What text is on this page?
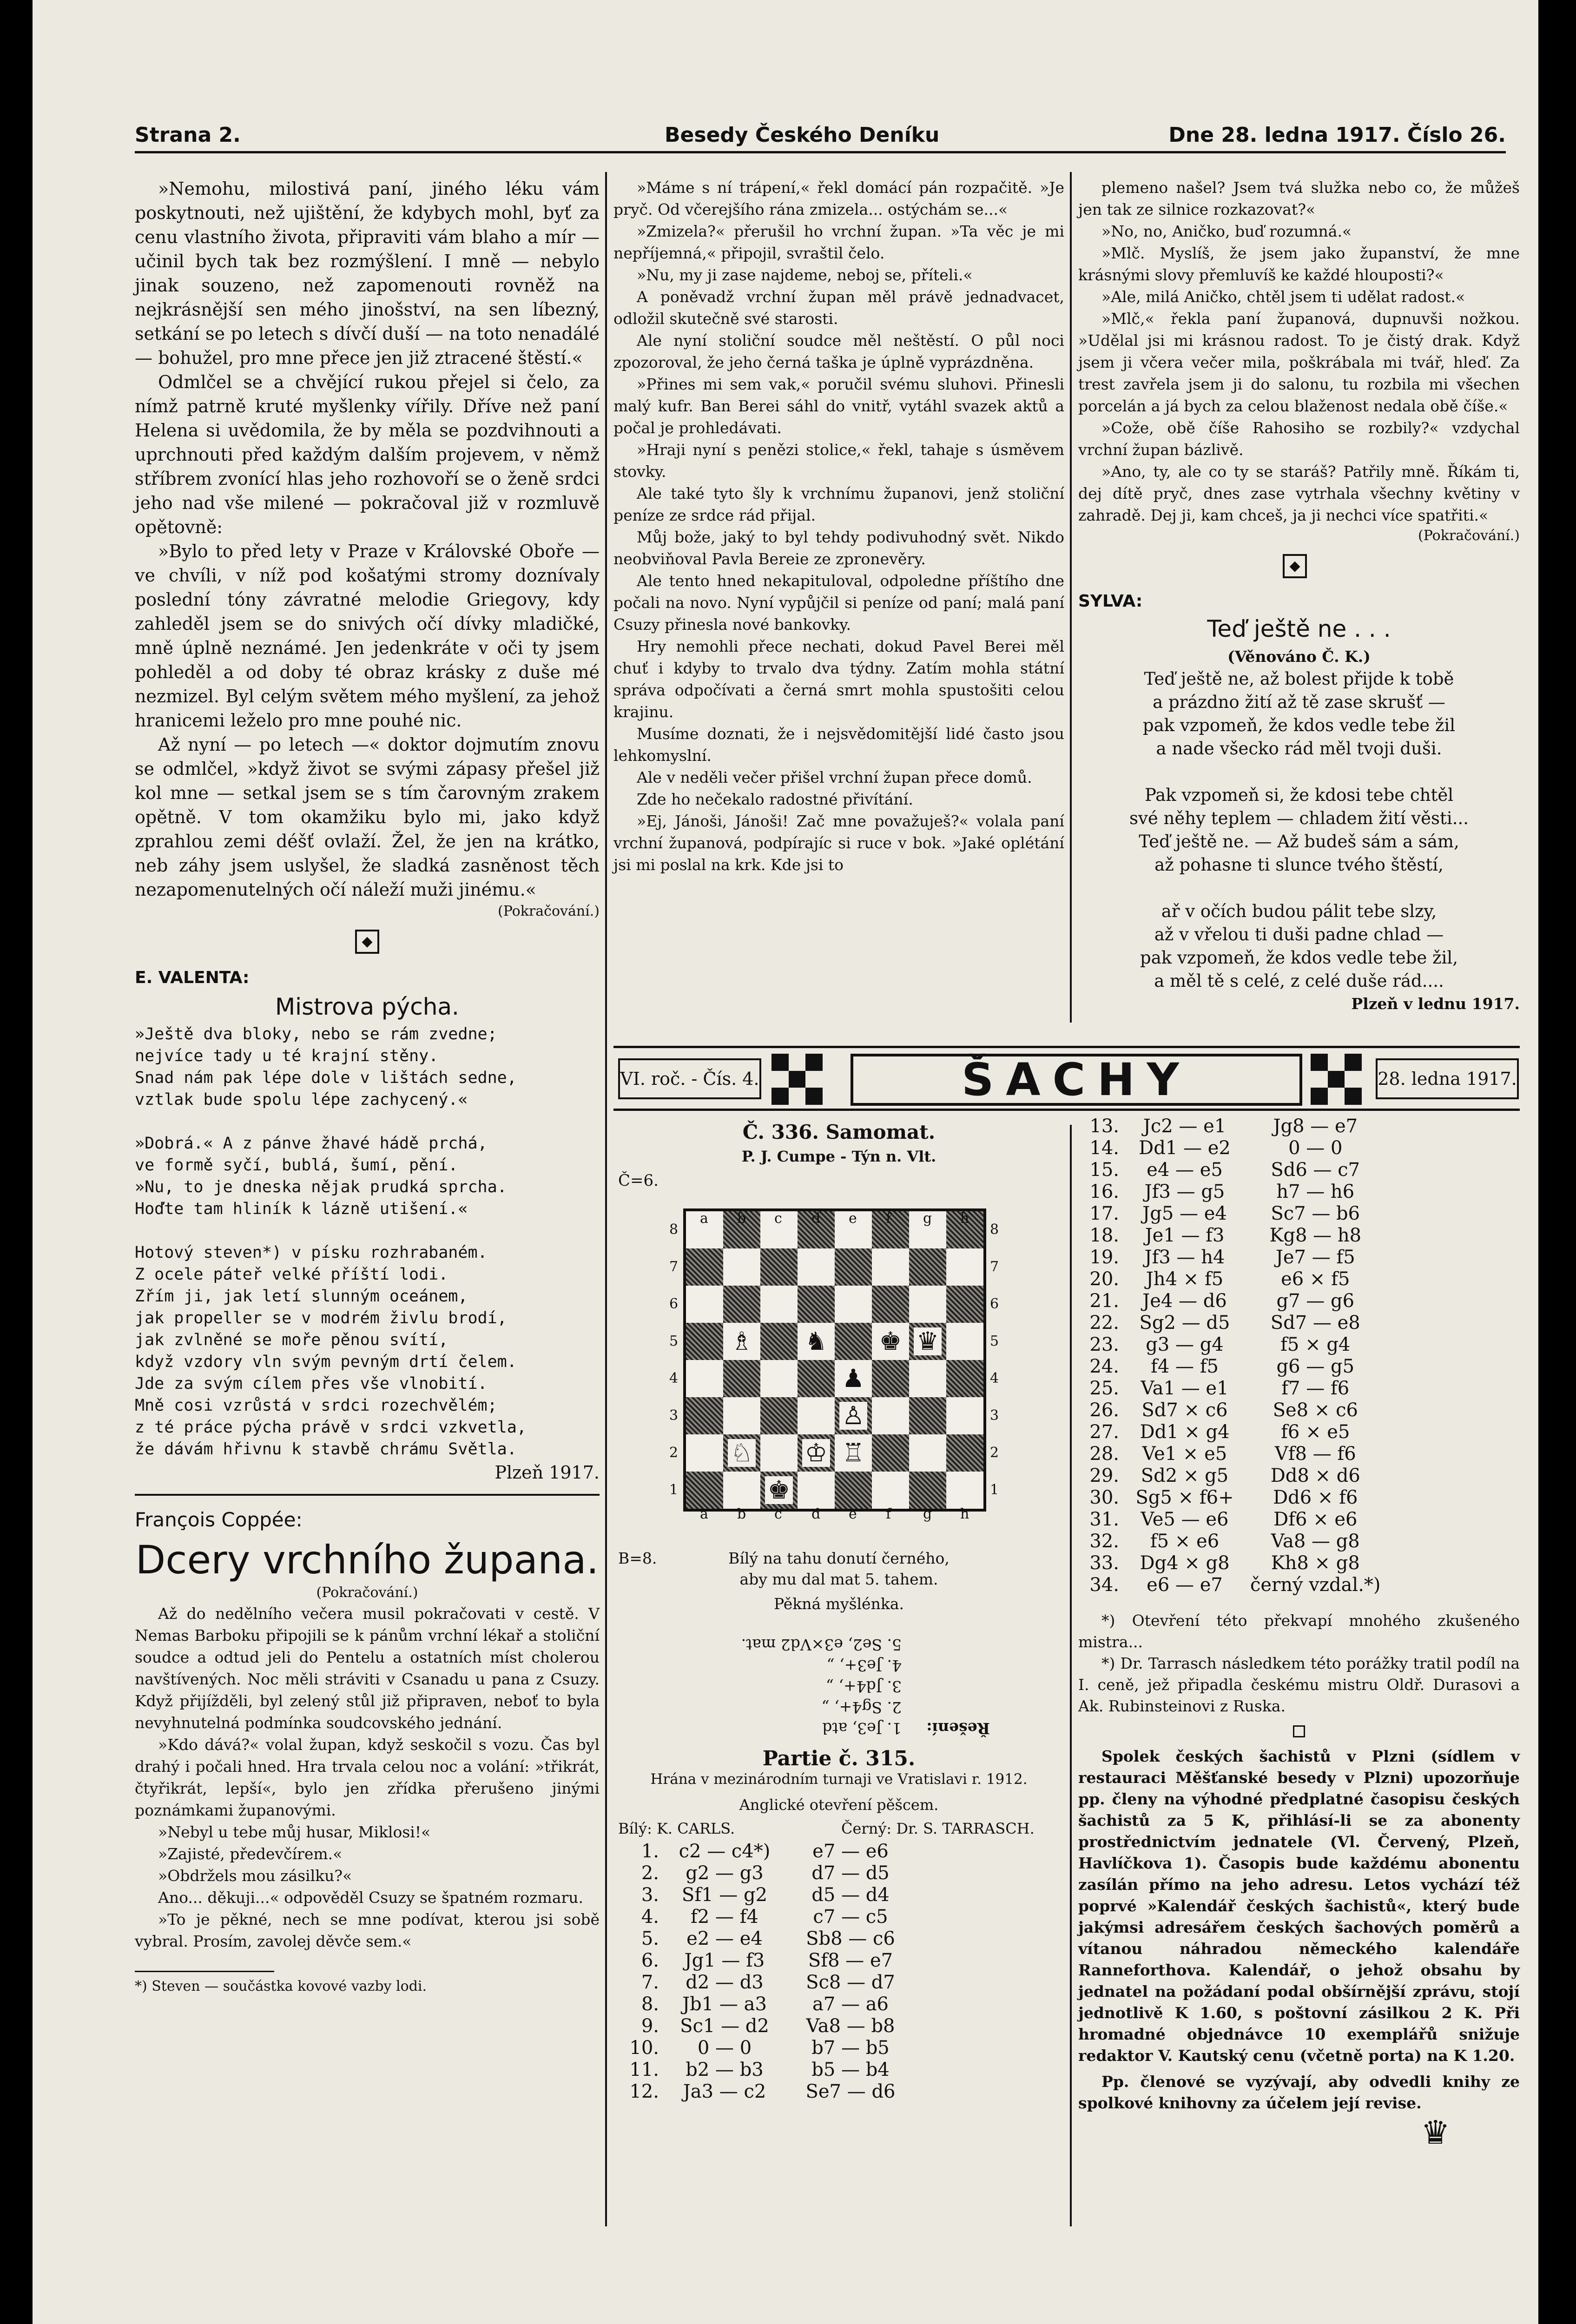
Strana 2.	Besedy Českého Deníku	Dne 28. ledna 1917. Číslo 26.

»Nemohu, milostivá paní, jiného léku vám poskytnouti, než ujištění, že kdybych mohl, byť za cenu vlastního života, připraviti vám blaho a mír — učinil bych tak bez rozmýšlení. I mně — nebylo jinak souzeno, než zapomenouti rovněž na nejkrásnější sen mého jinošství, na sen líbezný, setkání se po letech s dívčí duší — na toto nenadálé — bohužel, pro mne přece jen již ztracené štěstí.«

Odmlčel se a chvějící rukou přejel si čelo, za nímž patrně kruté myšlenky vířily. Dříve než paní Helena si uvědomila, že by měla se pozdvihnouti a uprchnouti před každým dalším projevem, v němž stříbrem zvonící hlas jeho rozhovoří se o ženě srdci jeho nad vše milené — pokračoval již v rozmluvě opětovně:

»Bylo to před lety v Praze v Královské Oboře — ve chvíli, v níž pod košatými stromy doznívaly poslední tóny závratné melodie Griegovy, kdy zahleděl jsem se do snivých očí dívky mladičké, mně úplně neznámé. Jen jedenkráte v oči ty jsem pohleděl a od doby té obraz krásky z duše mé nezmizel. Byl celým světem mého myšlení, za jehož hranicemi leželo pro mne pouhé nic.

Až nyní — po letech —« doktor dojmutím znovu se odmlčel, »když život se svými zápasy přešel již kol mne — setkal jsem se s tím čarovným zrakem opětně. V tom okamžiku bylo mi, jako když zprahlou zemi déšť ovlaží. Žel, že jen na krátko, neb záhy jsem uslyšel, že sladká zasněnost těch nezapomenutelných očí náleží muži jinému.«

(Pokračování.)
◆
E. VALENTA:
Mistrova pýcha.
»Ještě dva bloky, nebo se rám zvedne;
nejvíce tady u té krajní stěny.
Snad nám pak lépe dole v lištách sedne,
vztlak bude spolu lépe zachycený.«

»Dobrá.« A z pánve žhavé hádě prchá,
ve formě syčí, bublá, šumí, pění.
»Nu, to je dneska nějak prudká sprcha.
Hoďte tam hliník k lázně utišení.«

Hotový steven*) v písku rozhrabaném.
Z ocele páteř velké příští lodi.
Zřím ji, jak letí slunným oceánem,
jak propeller se v modrém živlu brodí,
jak zvlněné se moře pěnou svítí,
když vzdory vln svým pevným drtí čelem.
Jde za svým cílem přes vše vlnobití.
Mně cosi vzrůstá v srdci rozechvělém;
z té práce pýcha právě v srdci vzkvetla,
že dávám hřivnu k stavbě chrámu Světla.
Plzeň 1917.
François Coppée:
Dcery vrchního župana.
(Pokračování.)

Až do nedělního večera musil pokračovati v cestě. V Nemas Barboku připojili se k pánům vrchní lékař a stoliční soudce a odtud jeli do Pentelu a ostatních míst cholerou navštívených. Noc měli stráviti v Csanadu u pana z Csuzy. Když přijížděli, byl zelený stůl již připraven, neboť to byla nevyhnutelná podmínka soudcovského jednání.

»Kdo dává?« volal župan, když seskočil s vozu. Čas byl drahý i počali hned. Hra trvala celou noc a volání: »třikrát, čtyřikrát, lepší«, bylo jen zřídka přerušeno jinými poznámkami županovými.

»Nebyl u tebe můj husar, Miklosi!«

»Zajisté, předevčírem.«

»Obdržels mou zásilku?«

Ano... děkuji...« odpověděl Csuzy se špatném rozmaru.

»To je pěkné, nech se mne podívat, kterou jsi sobě vybral. Prosím, zavolej děvče sem.«

*) Steven — součástka kovové vazby lodi.

»Máme s ní trápení,« řekl domácí pán rozpačitě. »Je pryč. Od včerejšího rána zmizela... ostýchám se...«

»Zmizela?« přerušil ho vrchní župan. »Ta věc je mi nepříjemná,« připojil, svraštil čelo.

»Nu, my ji zase najdeme, neboj se, příteli.«

A poněvadž vrchní župan měl právě jednadvacet, odložil skutečně své starosti.

Ale nyní stoliční soudce měl neštěstí. O půl noci zpozoroval, že jeho černá taška je úplně vyprázdněna.

»Přines mi sem vak,« poručil svému sluhovi. Přinesli malý kufr. Ban Berei sáhl do vnitř, vytáhl svazek aktů a počal je prohledávati.

»Hraji nyní s penězi stolice,« řekl, tahaje s úsměvem stovky.

Ale také tyto šly k vrchnímu županovi, jenž stoliční peníze ze srdce rád přijal.

Můj bože, jaký to byl tehdy podivuhodný svět. Nikdo neobviňoval Pavla Bereie ze zpronevěry.

Ale tento hned nekapituloval, odpoledne příštího dne počali na novo. Nyní vypůjčil si peníze od paní; malá paní Csuzy přinesla nové bankovky.

Hry nemohli přece nechati, dokud Pavel Berei měl chuť i kdyby to trvalo dva týdny. Zatím mohla státní správa odpočívati a černá smrt mohla spustošiti celou krajinu.

Musíme doznati, že i nejsvědomitější lidé často jsou lehkomyslní.

Ale v neděli večer přišel vrchní župan přece domů.

Zde ho nečekalo radostné přivítání.

»Ej, Jánoši, Jánoši! Zač mne považuješ?« volala paní vrchní županová, podpírajíc si ruce v bok. »Jaké oplétání jsi mi poslal na krk. Kde jsi to

plemeno našel? Jsem tvá služka nebo co, že můžeš jen tak ze silnice rozkazovat?«

»No, no, Aničko, buď rozumná.«

»Mlč. Myslíš, že jsem jako županství, že mne krásnými slovy přemluvíš ke každé hlouposti?«

»Ale, milá Aničko, chtěl jsem ti udělat radost.«

»Mlč,« řekla paní županová, dupnuvši nožkou. »Udělal jsi mi krásnou radost. To je čistý drak. Když jsem ji včera večer mila, poškrábala mi tvář, hleď. Za trest zavřela jsem ji do salonu, tu rozbila mi všechen porcelán a já bych za celou blaženost nedala obě číše.«

»Cože, obě číše Rahosiho se rozbily?« vzdychal vrchní župan bázlivě.

»Ano, ty, ale co ty se staráš? Patřily mně. Říkám ti, dej dítě pryč, dnes zase vytrhala všechny květiny v zahradě. Dej ji, kam chceš, ja ji nechci více spatřiti.«

(Pokračování.)
◆
SYLVA:
Teď ještě ne . . .
(Věnováno Č. K.)
Teď ještě ne, až bolest přijde k tobě
a prázdno žití až tě zase skrušť —
pak vzpomeň, že kdos vedle tebe žil
a nade všecko rád měl tvoji duši.

Pak vzpomeň si, že kdosi tebe chtěl
své něhy teplem — chladem žití věsti...
Teď ještě ne. — Až budeš sám a sám,
až pohasne ti slunce tvého štěstí,

ař v očích budou pálit tebe slzy,
až v vřelou ti duši padne chlad —
pak vzpomeň, že kdos vedle tebe žil,
a měl tě s celé, z celé duše rád....
Plzeň v lednu 1917.
VI. roč. - Čís. 4.	ŠACHY	28. ledna 1917.
Č. 336. Samomat.
P. J. Cumpe - Týn n. Vlt.
Č=6.
♗ ♞ ♚ ♛
♟
♙
♘ ♔ ♖
♚
a
a
b
b
c
c
d
d
e
e
f
f
g
g
h
h
8	8
7	7
6	6
5	5
4	4
3	3
2	2
1	1
B=8.	Bílý na tahu donutí černého,
aby mu dal mat 5. tahem.
Pěkná myšlénka.
Řešení:
1. Je3, atd
2. Sg4+, „
3. Jd4+, „
4. Je3+, „
5. Se2, e3×Vd2 mat.
Partie č. 315.
Hrána v mezinárodním turnaji ve Vratislavi r. 1912.
Anglické otevření pěšcem.
Bílý: K. CARLS.	Černý: Dr. S. TARRASCH.
1.	c2 — c4*)	e7 — e6
2.	g2 — g3	d7 — d5
3.	Sf1 — g2	d5 — d4
4.	f2 — f4	c7 — c5
5.	e2 — e4	Sb8 — c6
6.	Jg1 — f3	Sf8 — e7
7.	d2 — d3	Sc8 — d7
8.	Jb1 — a3	a7 — a6
9.	Sc1 — d2	Va8 — b8
10.	0 — 0	b7 — b5
11.	b2 — b3	b5 — b4
12.	Ja3 — c2	Se7 — d6
13.	Jc2 — e1	Jg8 — e7
14.	Dd1 — e2	0 — 0
15.	e4 — e5	Sd6 — c7
16.	Jf3 — g5	h7 — h6
17.	Jg5 — e4	Sc7 — b6
18.	Je1 — f3	Kg8 — h8
19.	Jf3 — h4	Je7 — f5
20.	Jh4 × f5	e6 × f5
21.	Je4 — d6	g7 — g6
22.	Sg2 — d5	Sd7 — e8
23.	g3 — g4	f5 × g4
24.	f4 — f5	g6 — g5
25.	Va1 — e1	f7 — f6
26.	Sd7 × c6	Se8 × c6
27.	Dd1 × g4	f6 × e5
28.	Ve1 × e5	Vf8 — f6
29.	Sd2 × g5	Dd8 × d6
30.	Sg5 × f6+	Dd6 × f6
31.	Ve5 — e6	Df6 × e6
32.	f5 × e6	Va8 — g8
33.	Dg4 × g8	Kh8 × g8
34.	e6 — e7	černý vzdal.*)

*) Otevření této překvapí mnohého zkušeného mistra...

*) Dr. Tarrasch následkem této porážky tratil podíl na I. ceně, jež připadla českému mistru Oldř. Durasovi a Ak. Rubinsteinovi z Ruska.

Spolek českých šachistů v Plzni (sídlem v restauraci Měšťanské besedy v Plzni) upozorňuje pp. členy na výhodné předplatné časopisu českých šachistů za 5 K, přihlásí-li se za abonenty prostřednictvím jednatele (Vl. Červený, Plzeň, Havlíčkova 1). Časopis bude každému abonentu zasílán přímo na jeho adresu. Letos vychází též poprvé »Kalendář českých šachistů«, který bude jakýmsi adresářem českých šachových poměrů a vítanou náhradou německého kalendáře Ranneforthova. Kalendář, o jehož obsahu by jednatel na požádaní podal obšírnější zprávu, stojí jednotlivě K 1.60, s poštovní zásilkou 2 K. Při hromadné objednávce 10 exemplářů snižuje redaktor V. Kautský cenu (včetně porta) na K 1.20.

Pp. členové se vyzývají, aby odvedli knihy ze spolkové knihovny za účelem její revise.

♛
